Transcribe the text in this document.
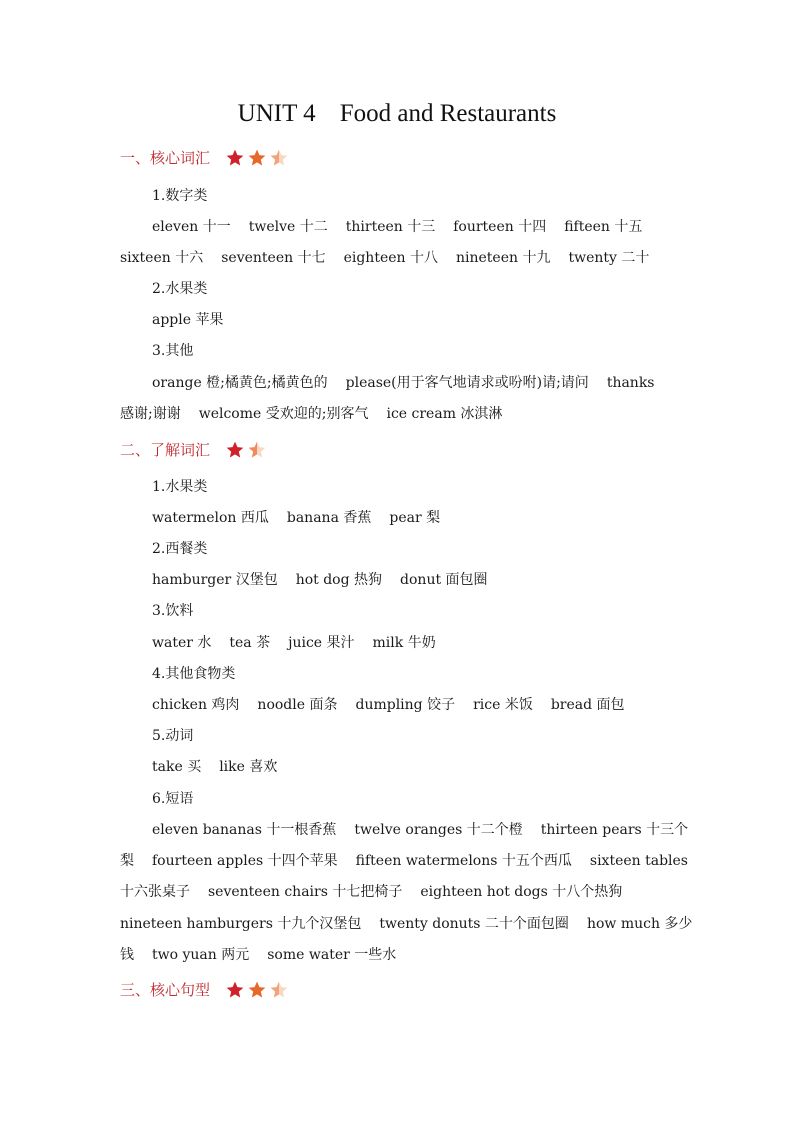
UNIT 4 Food and Restaurants
一、核心词汇
1.数字类
eleven 十一 twelve 十二 thirteen 十三 fourteen 十四 fifteen 十五
sixteen 十六 seventeen 十七 eighteen 十八 nineteen 十九 twenty 二十
2.水果类
apple 苹果
3.其他
orange 橙;橘黄色;橘黄色的 please(用于客气地请求或吩咐)请;请问 thanks
感谢;谢谢 welcome 受欢迎的;别客气 ice cream 冰淇淋
二、了解词汇
1.水果类
watermelon 西瓜 banana 香蕉 pear 梨
2.西餐类
hamburger 汉堡包 hot dog 热狗 donut 面包圈
3.饮料
water 水 tea 茶 juice 果汁 milk 牛奶
4.其他食物类
chicken 鸡肉 noodle 面条 dumpling 饺子 rice 米饭 bread 面包
5.动词
take 买 like 喜欢
6.短语
eleven bananas 十一根香蕉 twelve oranges 十二个橙 thirteen pears 十三个
梨 fourteen apples 十四个苹果 fifteen watermelons 十五个西瓜 sixteen tables
十六张桌子 seventeen chairs 十七把椅子 eighteen hot dogs 十八个热狗
nineteen hamburgers 十九个汉堡包 twenty donuts 二十个面包圈 how much 多少
钱 two yuan 两元 some water 一些水
三、核心句型
